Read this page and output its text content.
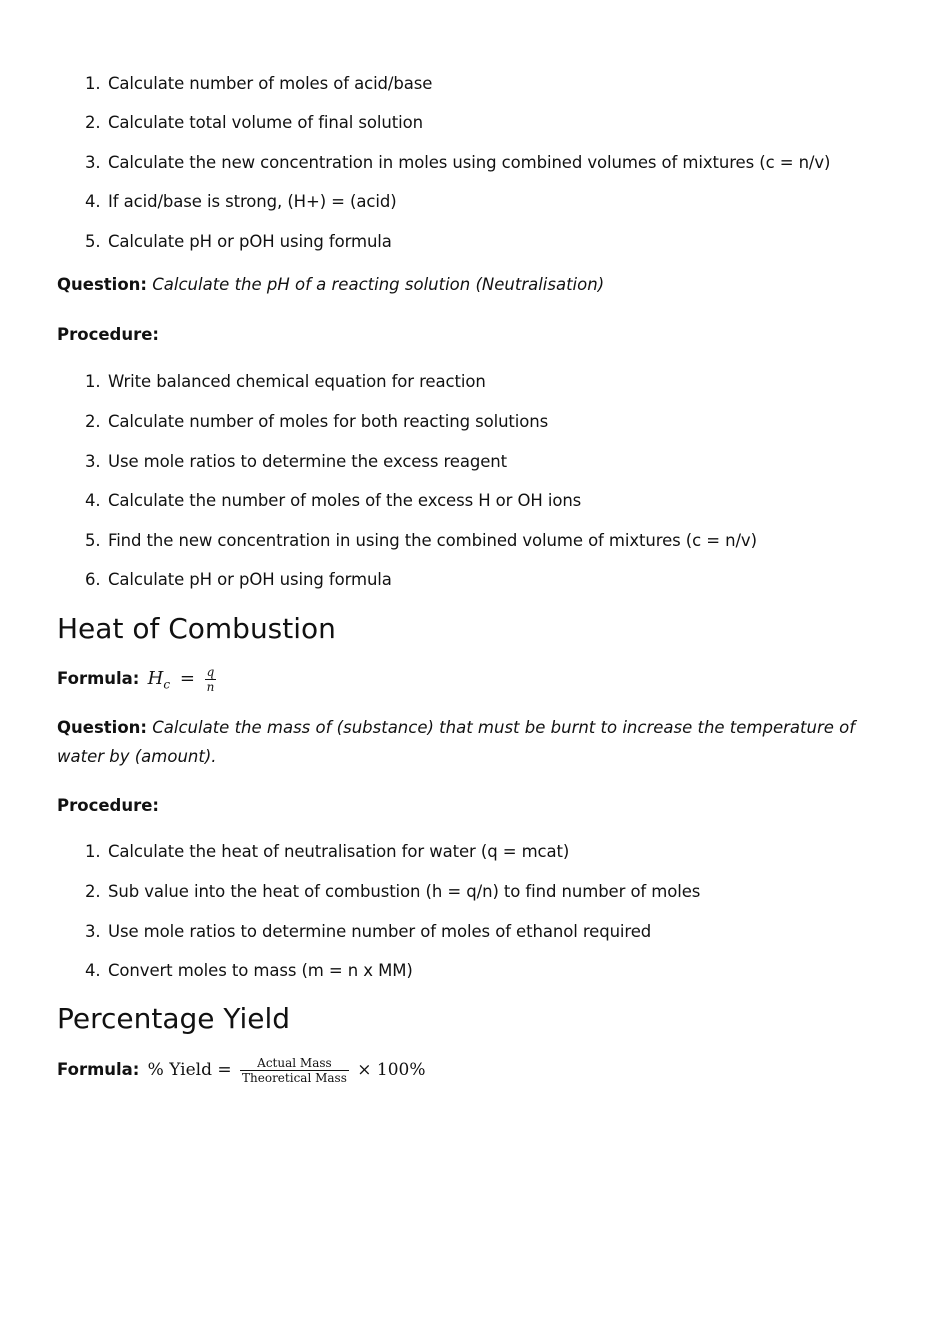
1. Calculate number of moles of acid/base
2. Calculate total volume of final solution
3. Calculate the new concentration in moles using combined volumes of mixtures (c = n/v)
4. If acid/base is strong, (H+) = (acid)
5. Calculate pH or pOH using formula
Question: Calculate the pH of a reacting solution (Neutralisation)
Procedure:
1. Write balanced chemical equation for reaction
2. Calculate number of moles for both reacting solutions
3. Use mole ratios to determine the excess reagent
4. Calculate the number of moles of the excess H or OH ions
5. Find the new concentration in using the combined volume of mixtures (c = n/v)
6. Calculate pH or pOH using formula
Heat of Combustion
Formula: $H_c = \frac{q}{n}$
Question: Calculate the mass of (substance) that must be burnt to increase the temperature of water by (amount).
Procedure:
1. Calculate the heat of neutralisation for water (q = mcat)
2. Sub value into the heat of combustion (h = q/n) to find number of moles
3. Use mole ratios to determine number of moles of ethanol required
4. Convert moles to mass (m = n x MM)
Percentage Yield
Formula: % Yield = $\frac{\text{Actual Mass}}{\text{Theoretical Mass}} \times 100\%$
